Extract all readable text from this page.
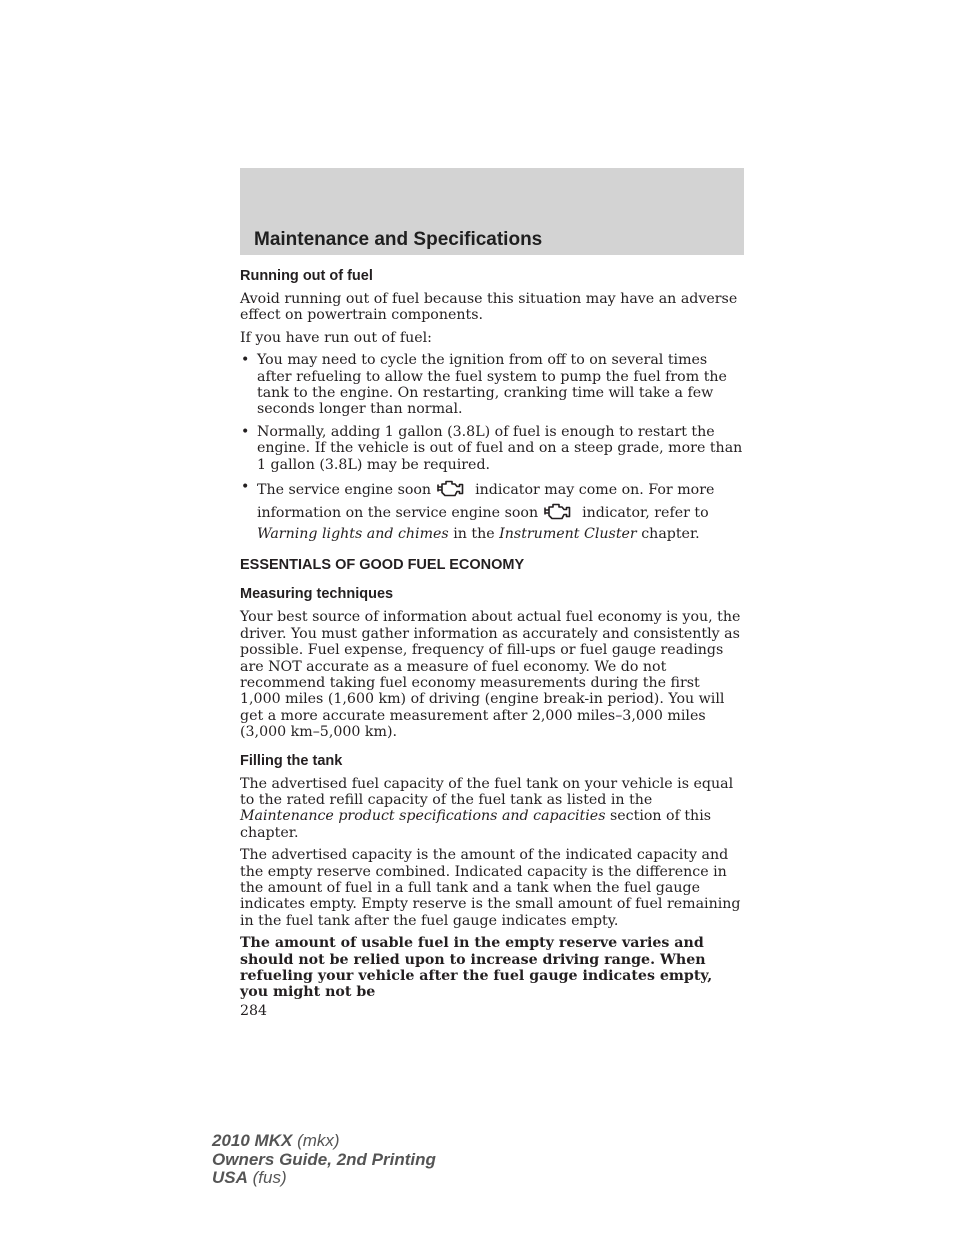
Maintenance and Specifications
Running out of fuel

Avoid running out of fuel because this situation may have an adverse effect on powertrain components.

If you have run out of fuel:

• You may need to cycle the ignition from off to on several times after refueling to allow the fuel system to pump the fuel from the tank to the engine. On restarting, cranking time will take a few seconds longer than normal.
• Normally, adding 1 gallon (3.8L) of fuel is enough to restart the engine. If the vehicle is out of fuel and on a steep grade, more than 1 gallon (3.8L) may be required.
• The service engine soon	indicator may come on. For more information on the service engine soon	indicator, refer to Warning lights and chimes in the Instrument Cluster chapter.
ESSENTIALS OF GOOD FUEL ECONOMY
Measuring techniques

Your best source of information about actual fuel economy is you, the driver. You must gather information as accurately and consistently as possible. Fuel expense, frequency of fill-ups or fuel gauge readings are NOT accurate as a measure of fuel economy. We do not recommend taking fuel economy measurements during the first 1,000 miles (1,600 km) of driving (engine break-in period). You will get a more accurate measurement after 2,000 miles–3,000 miles (3,000 km–5,000 km).

Filling the tank

The advertised fuel capacity of the fuel tank on your vehicle is equal to the rated refill capacity of the fuel tank as listed in the Maintenance product specifications and capacities section of this chapter.

The advertised capacity is the amount of the indicated capacity and the empty reserve combined. Indicated capacity is the difference in the amount of fuel in a full tank and a tank when the fuel gauge indicates empty. Empty reserve is the small amount of fuel remaining in the fuel tank after the fuel gauge indicates empty.

The amount of usable fuel in the empty reserve varies and should not be relied upon to increase driving range. When refueling your vehicle after the fuel gauge indicates empty, you might not be

284

2010 MKX (mkx)
Owners Guide, 2nd Printing
USA (fus)
